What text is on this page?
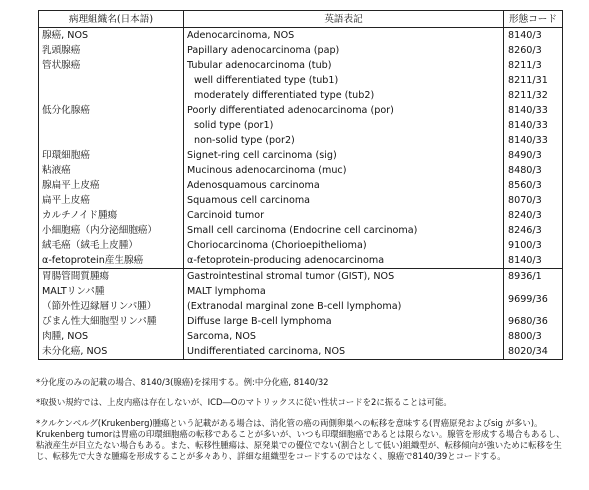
病理組織名(日本語)	英語表記	形態コード
腺癌, NOS	Adenocarcinoma, NOS	8140/3
乳頭腺癌	Papillary adenocarcinoma (pap)	8260/3
管状腺癌	Tubular adenocarcinoma (tub)	8211/3
	well differentiated type (tub1)	8211/31
	moderately differentiated type (tub2)	8211/32
低分化腺癌	Poorly differentiated adenocarcinoma (por)	8140/33
	solid type (por1)	8140/33
	non-solid type (por2)	8140/33
印環細胞癌	Signet-ring cell carcinoma (sig)	8490/3
粘液癌	Mucinous adenocarcinoma (muc)	8480/3
腺扁平上皮癌	Adenosquamous carcinoma	8560/3
扁平上皮癌	Squamous cell carcinoma	8070/3
カルチノイド腫瘍	Carcinoid tumor	8240/3
小細胞癌（内分泌細胞癌）	Small cell carcinoma (Endocrine cell carcinoma)	8246/3
絨毛癌（絨毛上皮腫）	Choriocarcinoma (Chorioepithelioma)	9100/3
α-fetoprotein産生腺癌	α-fetoprotein-producing adenocarcinoma	8140/3
胃腸管間質腫瘍	Gastrointestinal stromal tumor (GIST), NOS	8936/1
MALTリンパ腫	MALT lymphoma	9699/36
（節外性辺縁層リンパ腫）	(Extranodal marginal zone B-cell lymphoma)	
びまん性大細胞型リンパ腫	Diffuse large B-cell lymphoma	9680/36
肉腫, NOS	Sarcoma, NOS	8800/3
未分化癌, NOS	Undifferentiated carcinoma, NOS	8020/34

*分化度のみの記載の場合、8140/3(腺癌)を採用する。例:中分化癌, 8140/32

*取扱い規約では、上皮内癌は存在しないが、ICD―Oのマトリックスに従い性状コードを2に振ることは可能。

*クルケンベルグ(Krukenberg)腫瘍という記載がある場合は、消化管の癌の両側卵巣への転移を意味する(胃癌原発およびsig が多い)。Krukenberg tumorは胃癌の印環細胞癌の転移であることが多いが、いつも印環細胞癌であるとは限らない。腺管を形成する場合もあるし、粘液産生が目立たない場合もある。また、転移性腫瘍は、原発巣での優位でない(割合として低い)組織型が、転移傾向が強いために転移を生じ、転移先で大きな腫瘍を形成することが多々あり、詳細な組織型をコードするのではなく、腺癌で8140/39とコードする。
